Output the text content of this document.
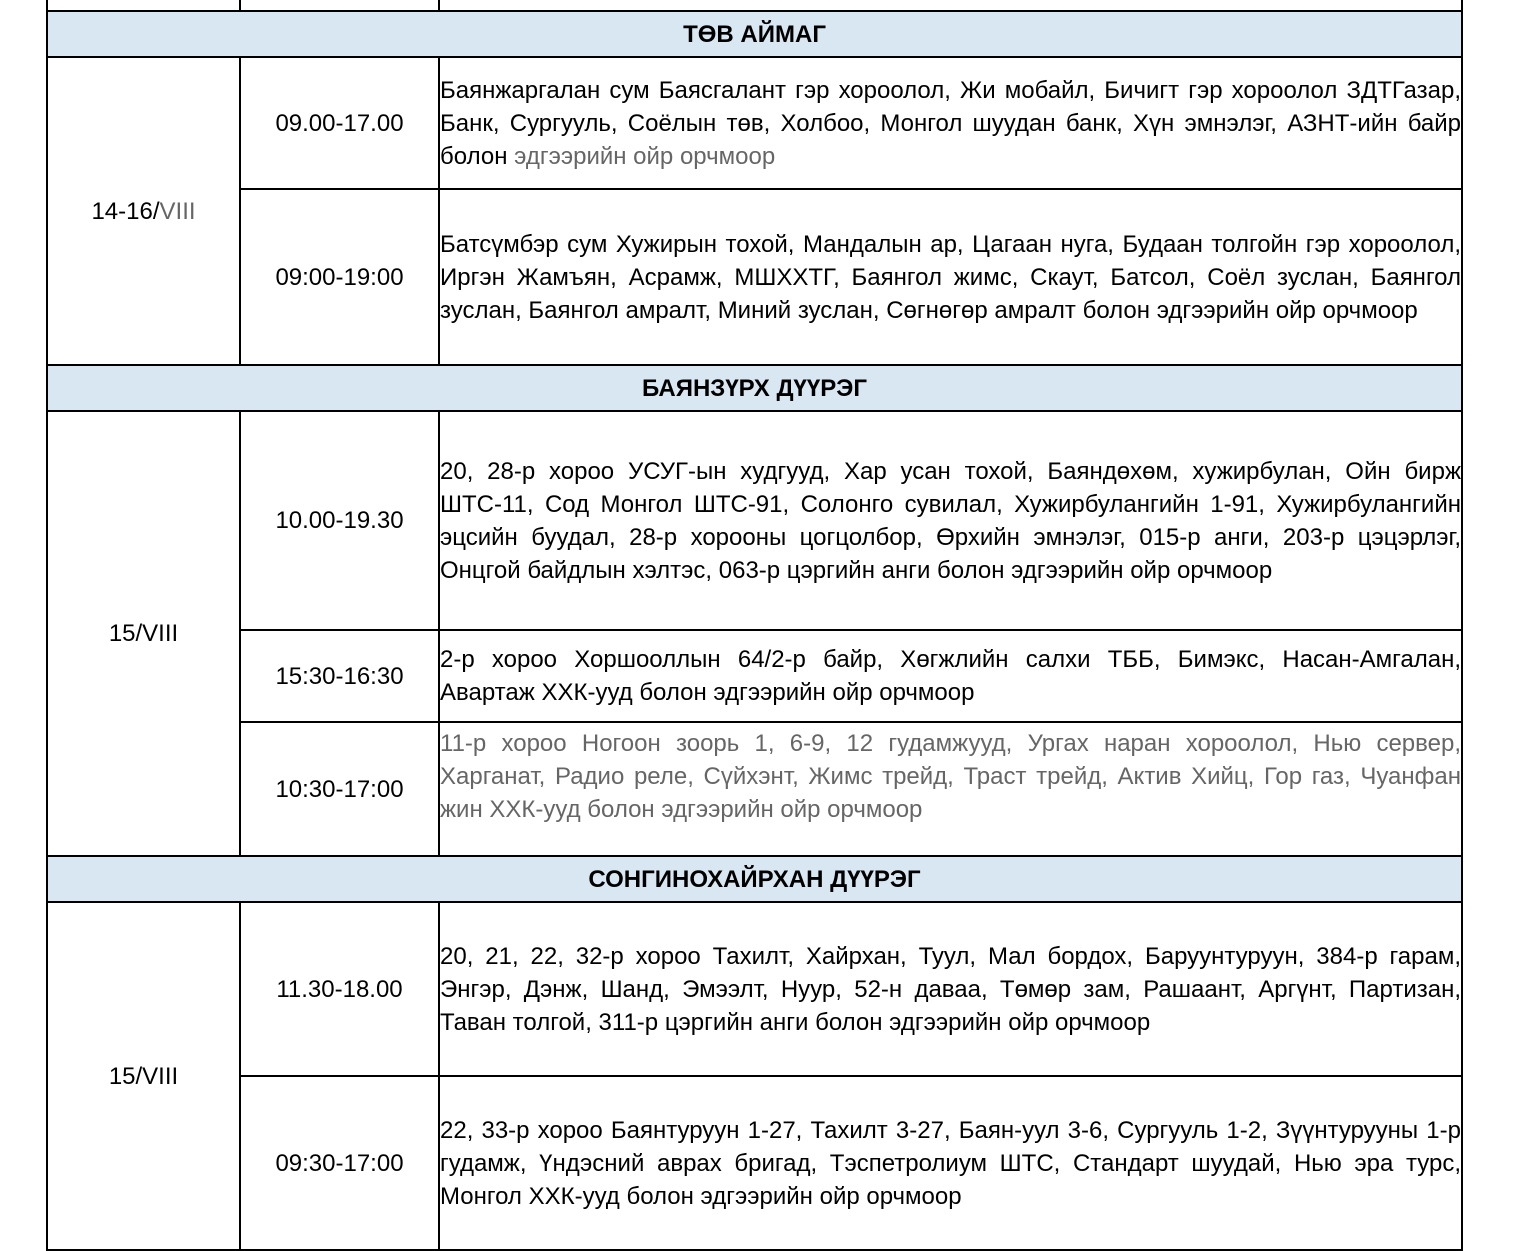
ТӨВ АЙМАГ		
14-16/VIII	09.00-17.00	Баянжаргалан сум Баясгалант гэр хороолол, Жи мобайл, Бичигт гэр хороолол ЗДТГазар, Банк, Сургууль, Соёлын төв, Холбоо, Монгол шуудан банк, Хүн эмнэлэг, АЗНТ-ийн байр болон эдгээрийн ойр орчмоор
	09:00-19:00	Батсүмбэр сум Хужирын тохой, Мандалын ар, Цагаан нуга, Будаан толгойн гэр хороолол, Иргэн Жамъян, Асрамж, МШХХТГ, Баянгол жимс, Скаут, Батсол, Соёл зуслан, Баянгол зуслан, Баянгол амралт, Миний зуслан, Сөгнөгөр амралт болон эдгээрийн ойр орчмоор
БАЯНЗҮРХ ДҮҮРЭГ		
15/VIII	10.00-19.30	20, 28-р хороо УСУГ-ын худгууд, Хар усан тохой, Баяндөхөм, хужирбулан, Ойн бирж ШТС-11, Сод Монгол ШТС-91, Солонго сувилал, Хужирбулангийн 1-91, Хужирбулангийн эцсийн буудал, 28-р хорооны цогцолбор, Өрхийн эмнэлэг, 015-р анги, 203-р цэцэрлэг, Онцгой байдлын хэлтэс, 063-р цэргийн анги болон эдгээрийн ойр орчмоор
	15:30-16:30	2-р хороо Хоршооллын 64/2-р байр, Хөгжлийн салхи ТББ, Бимэкс, Насан-Амгалан, Авартаж ХХК-ууд болон эдгээрийн ойр орчмоор
	10:30-17:00	11-р хороо Ногоон зоорь 1, 6-9, 12 гудамжууд, Ургах наран хороолол, Нью сервер, Харганат, Радио реле, Сүйхэнт, Жимс трейд, Траст трейд, Актив Хийц, Гор газ, Чуанфан жин ХХК-ууд болон эдгээрийн ойр орчмоор
СОНГИНОХАЙРХАН ДҮҮРЭГ		
15/VIII	11.30-18.00	20, 21, 22, 32-р хороо Тахилт, Хайрхан, Туул, Мал бордох, Баруунтуруун, 384-р гарам, Энгэр, Дэнж, Шанд, Эмээлт, Нуур, 52-н даваа, Төмөр зам, Рашаант, Аргүнт, Партизан, Таван толгой, 311-р цэргийн анги болон эдгээрийн ойр орчмоор
	09:30-17:00	22, 33-р хороо Баянтуруун 1-27, Тахилт 3-27, Баян-уул 3-6, Сургууль 1-2, Зүүнтурууны 1-р гудамж, Үндэсний аврах бригад, Тэспетролиум ШТС, Стандарт шуудай, Нью эра турс, Монгол ХХК-ууд болон эдгээрийн ойр орчмоор
